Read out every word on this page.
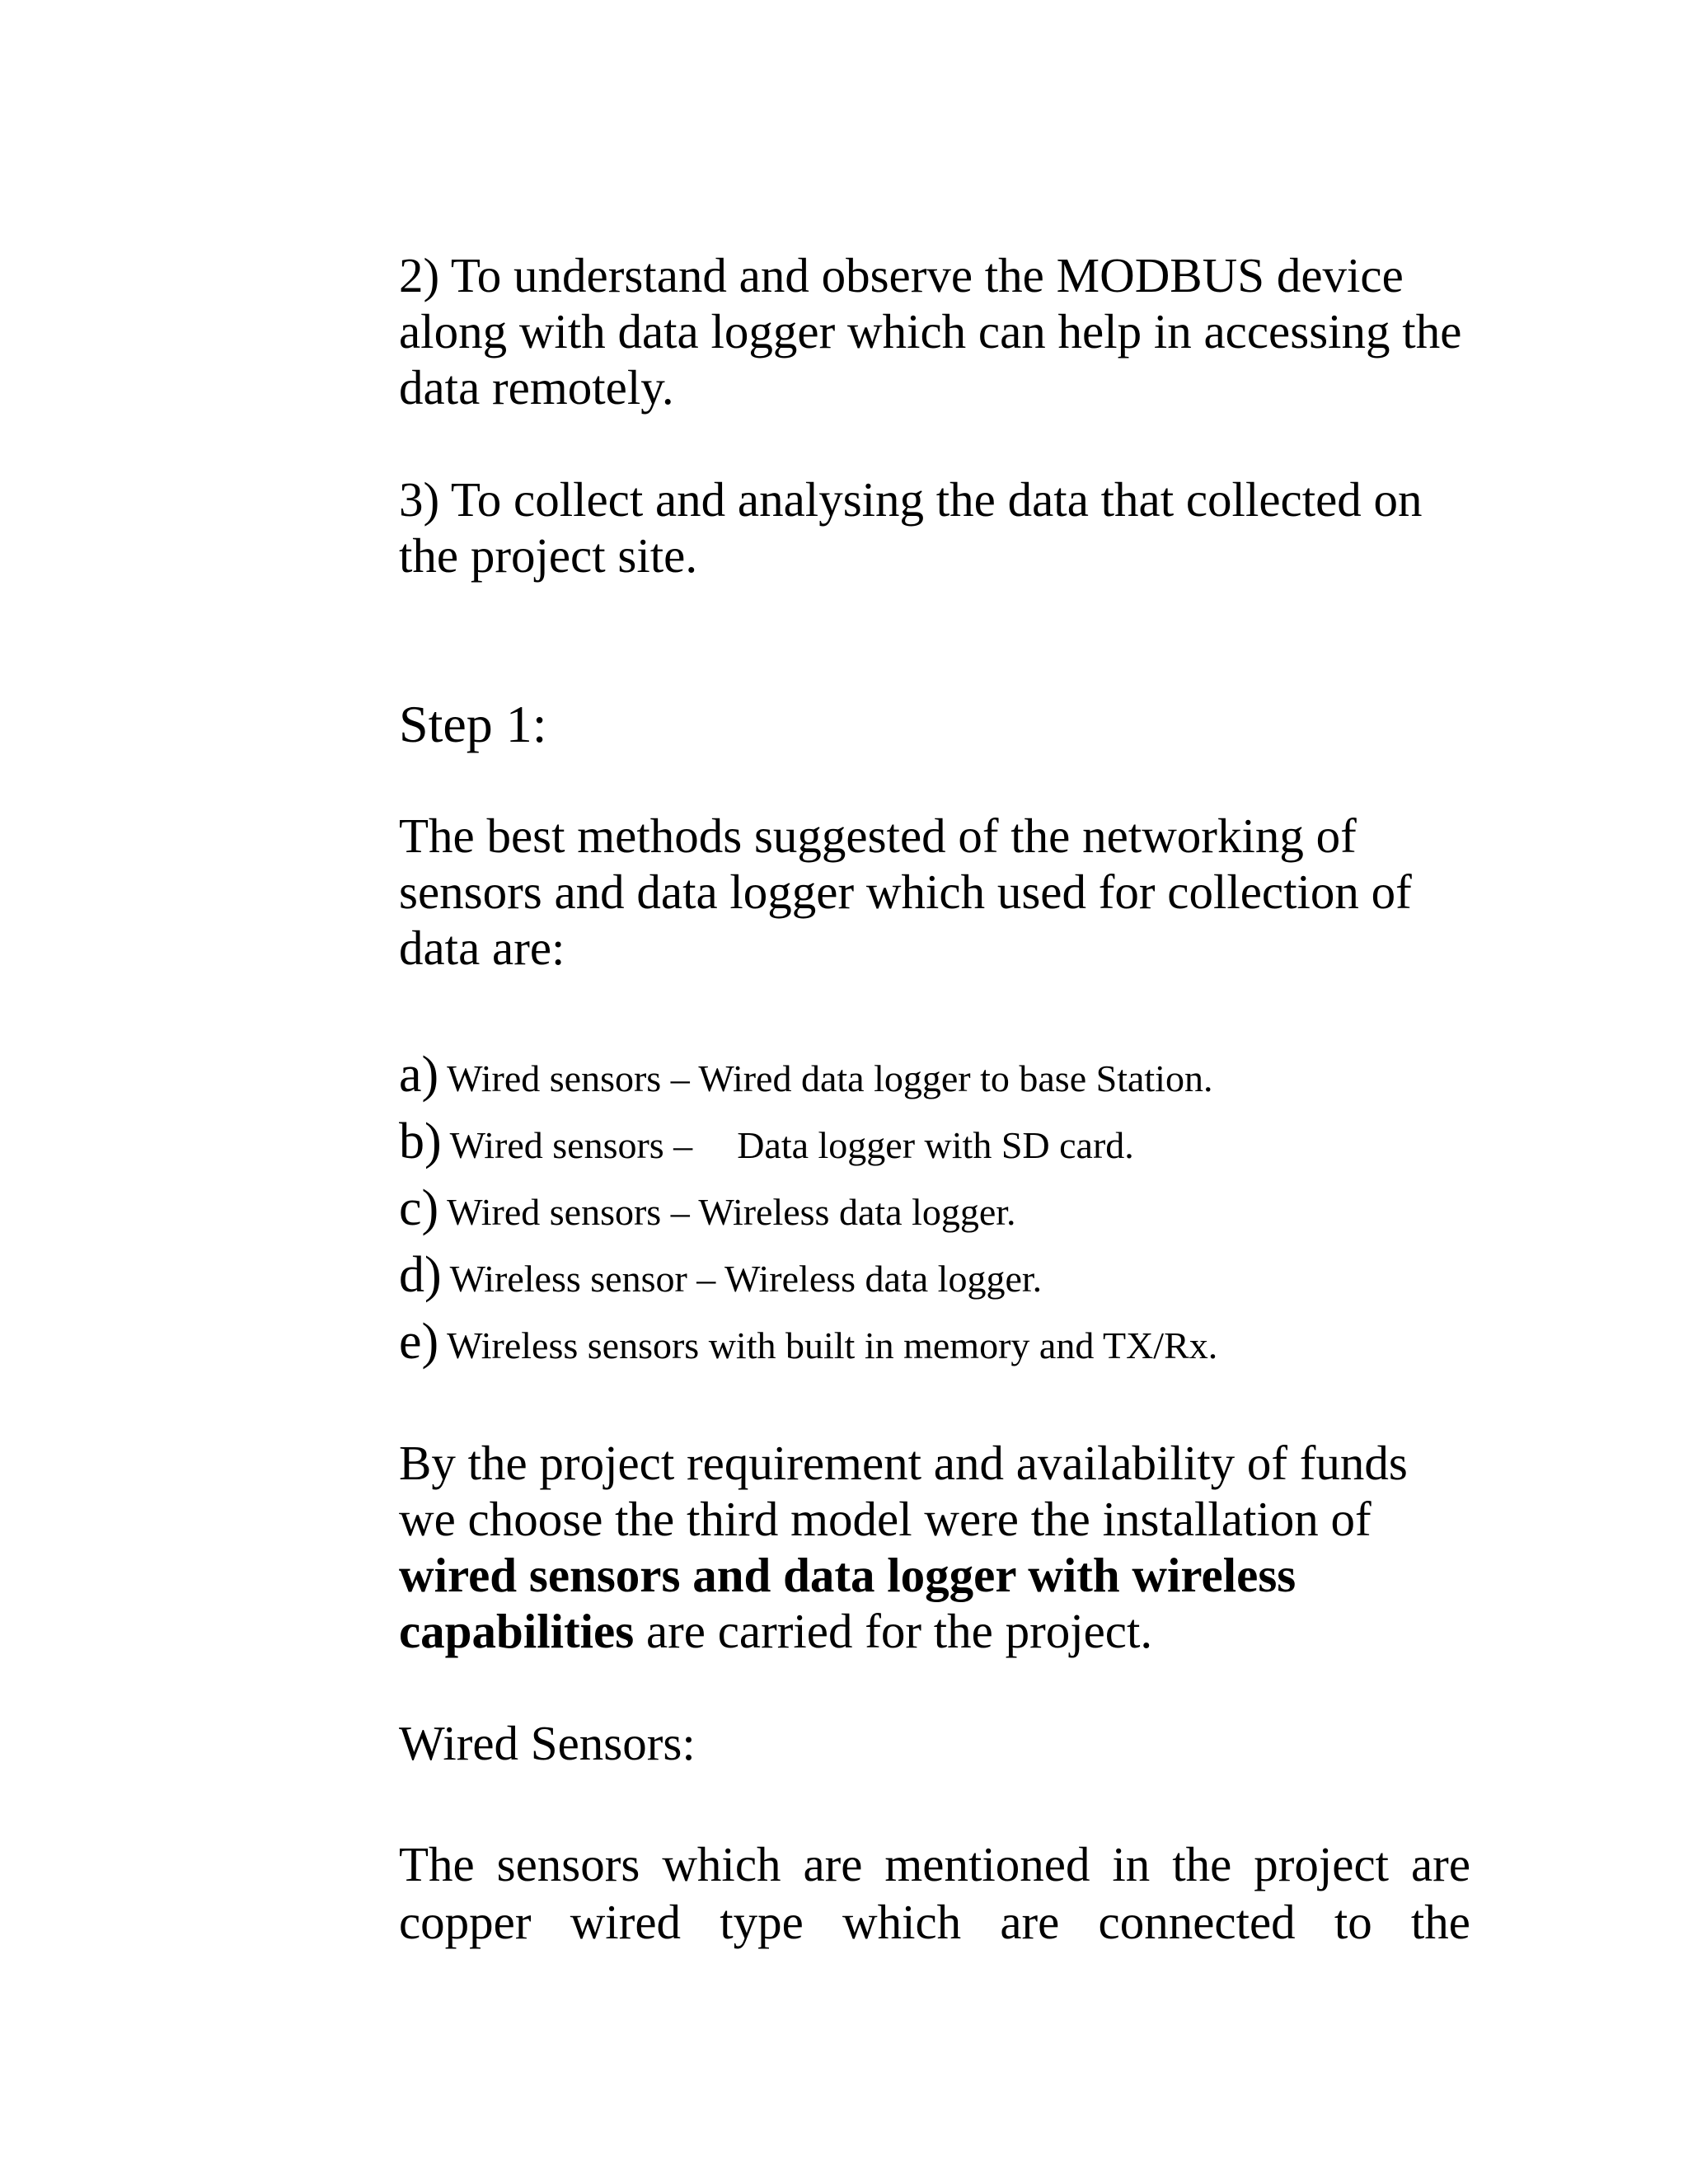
2) To understand and observe the MODBUS device along with data logger which can help in accessing the data remotely.

3) To collect and analysing the data that collected on the project site.

Step 1:

The best methods suggested of the networking of sensors and data logger which used for collection of data are:

a) Wired sensors – Wired data logger to base Station.
b) Wired sensors – Data logger with SD card.
c) Wired sensors – Wireless data logger.
d) Wireless sensor – Wireless data logger.
e) Wireless sensors with built in memory and TX/Rx.

By the project requirement and availability of funds we choose the third model were the installation of wired sensors and data logger with wireless capabilities are carried for the project.

Wired Sensors:

The sensors which are mentioned in the project are copper wired type which are connected to the
